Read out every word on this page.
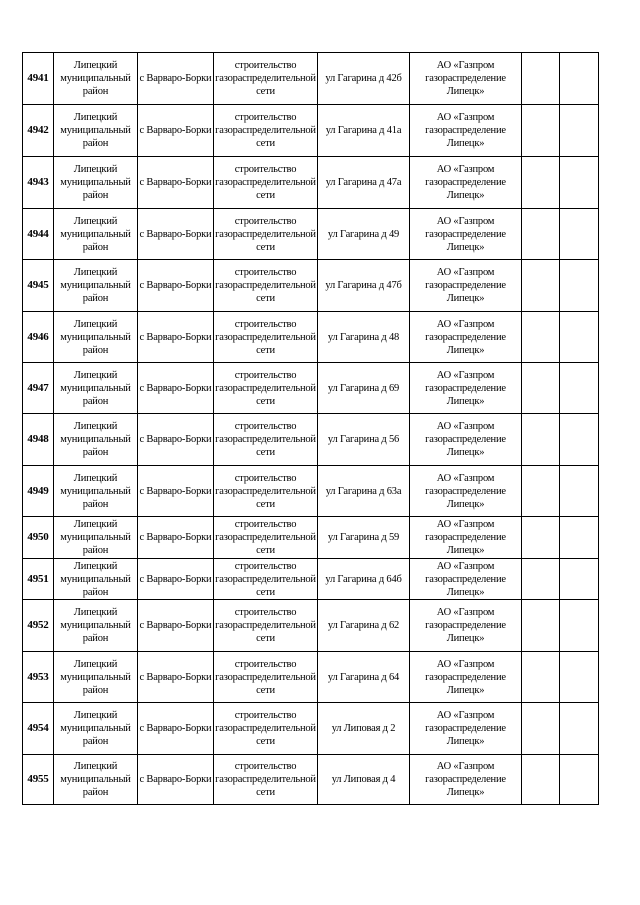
4941	Липецкий муниципальный район	с Варварo-Борки	строительство газораспределительной сети	ул Гагарина д 42б	АО «Газпром газораспределение Липецк»		
4942	Липецкий муниципальный район	с Варварo-Борки	строительство газораспределительной сети	ул Гагарина д 41а	АО «Газпром газораспределение Липецк»		
4943	Липецкий муниципальный район	с Варварo-Борки	строительство газораспределительной сети	ул Гагарина д 47а	АО «Газпром газораспределение Липецк»		
4944	Липецкий муниципальный район	с Варварo-Борки	строительство газораспределительной сети	ул Гагарина д 49	АО «Газпром газораспределение Липецк»		
4945	Липецкий муниципальный район	с Варварo-Борки	строительство газораспределительной сети	ул Гагарина д 47б	АО «Газпром газораспределение Липецк»		
4946	Липецкий муниципальный район	с Варварo-Борки	строительство газораспределительной сети	ул Гагарина д 48	АО «Газпром газораспределение Липецк»		
4947	Липецкий муниципальный район	с Варварo-Борки	строительство газораспределительной сети	ул Гагарина д 69	АО «Газпром газораспределение Липецк»		
4948	Липецкий муниципальный район	с Варварo-Борки	строительство газораспределительной сети	ул Гагарина д 56	АО «Газпром газораспределение Липецк»		
4949	Липецкий муниципальный район	с Варварo-Борки	строительство газораспределительной сети	ул Гагарина д 63а	АО «Газпром газораспределение Липецк»		
4950	Липецкий муниципальный район	с Варварo-Борки	строительство газораспределительной сети	ул Гагарина д 59	АО «Газпром газораспределение Липецк»		
4951	Липецкий муниципальный район	с Варварo-Борки	строительство газораспределительной сети	ул Гагарина д 64б	АО «Газпром газораспределение Липецк»		
4952	Липецкий муниципальный район	с Варварo-Борки	строительство газораспределительной сети	ул Гагарина д 62	АО «Газпром газораспределение Липецк»		
4953	Липецкий муниципальный район	с Варварo-Борки	строительство газораспределительной сети	ул Гагарина д 64	АО «Газпром газораспределение Липецк»		
4954	Липецкий муниципальный район	с Варварo-Борки	строительство газораспределительной сети	ул Липовая д 2	АО «Газпром газораспределение Липецк»		
4955	Липецкий муниципальный район	с Варварo-Борки	строительство газораспределительной сети	ул Липовая д 4	АО «Газпром газораспределение Липецк»		
